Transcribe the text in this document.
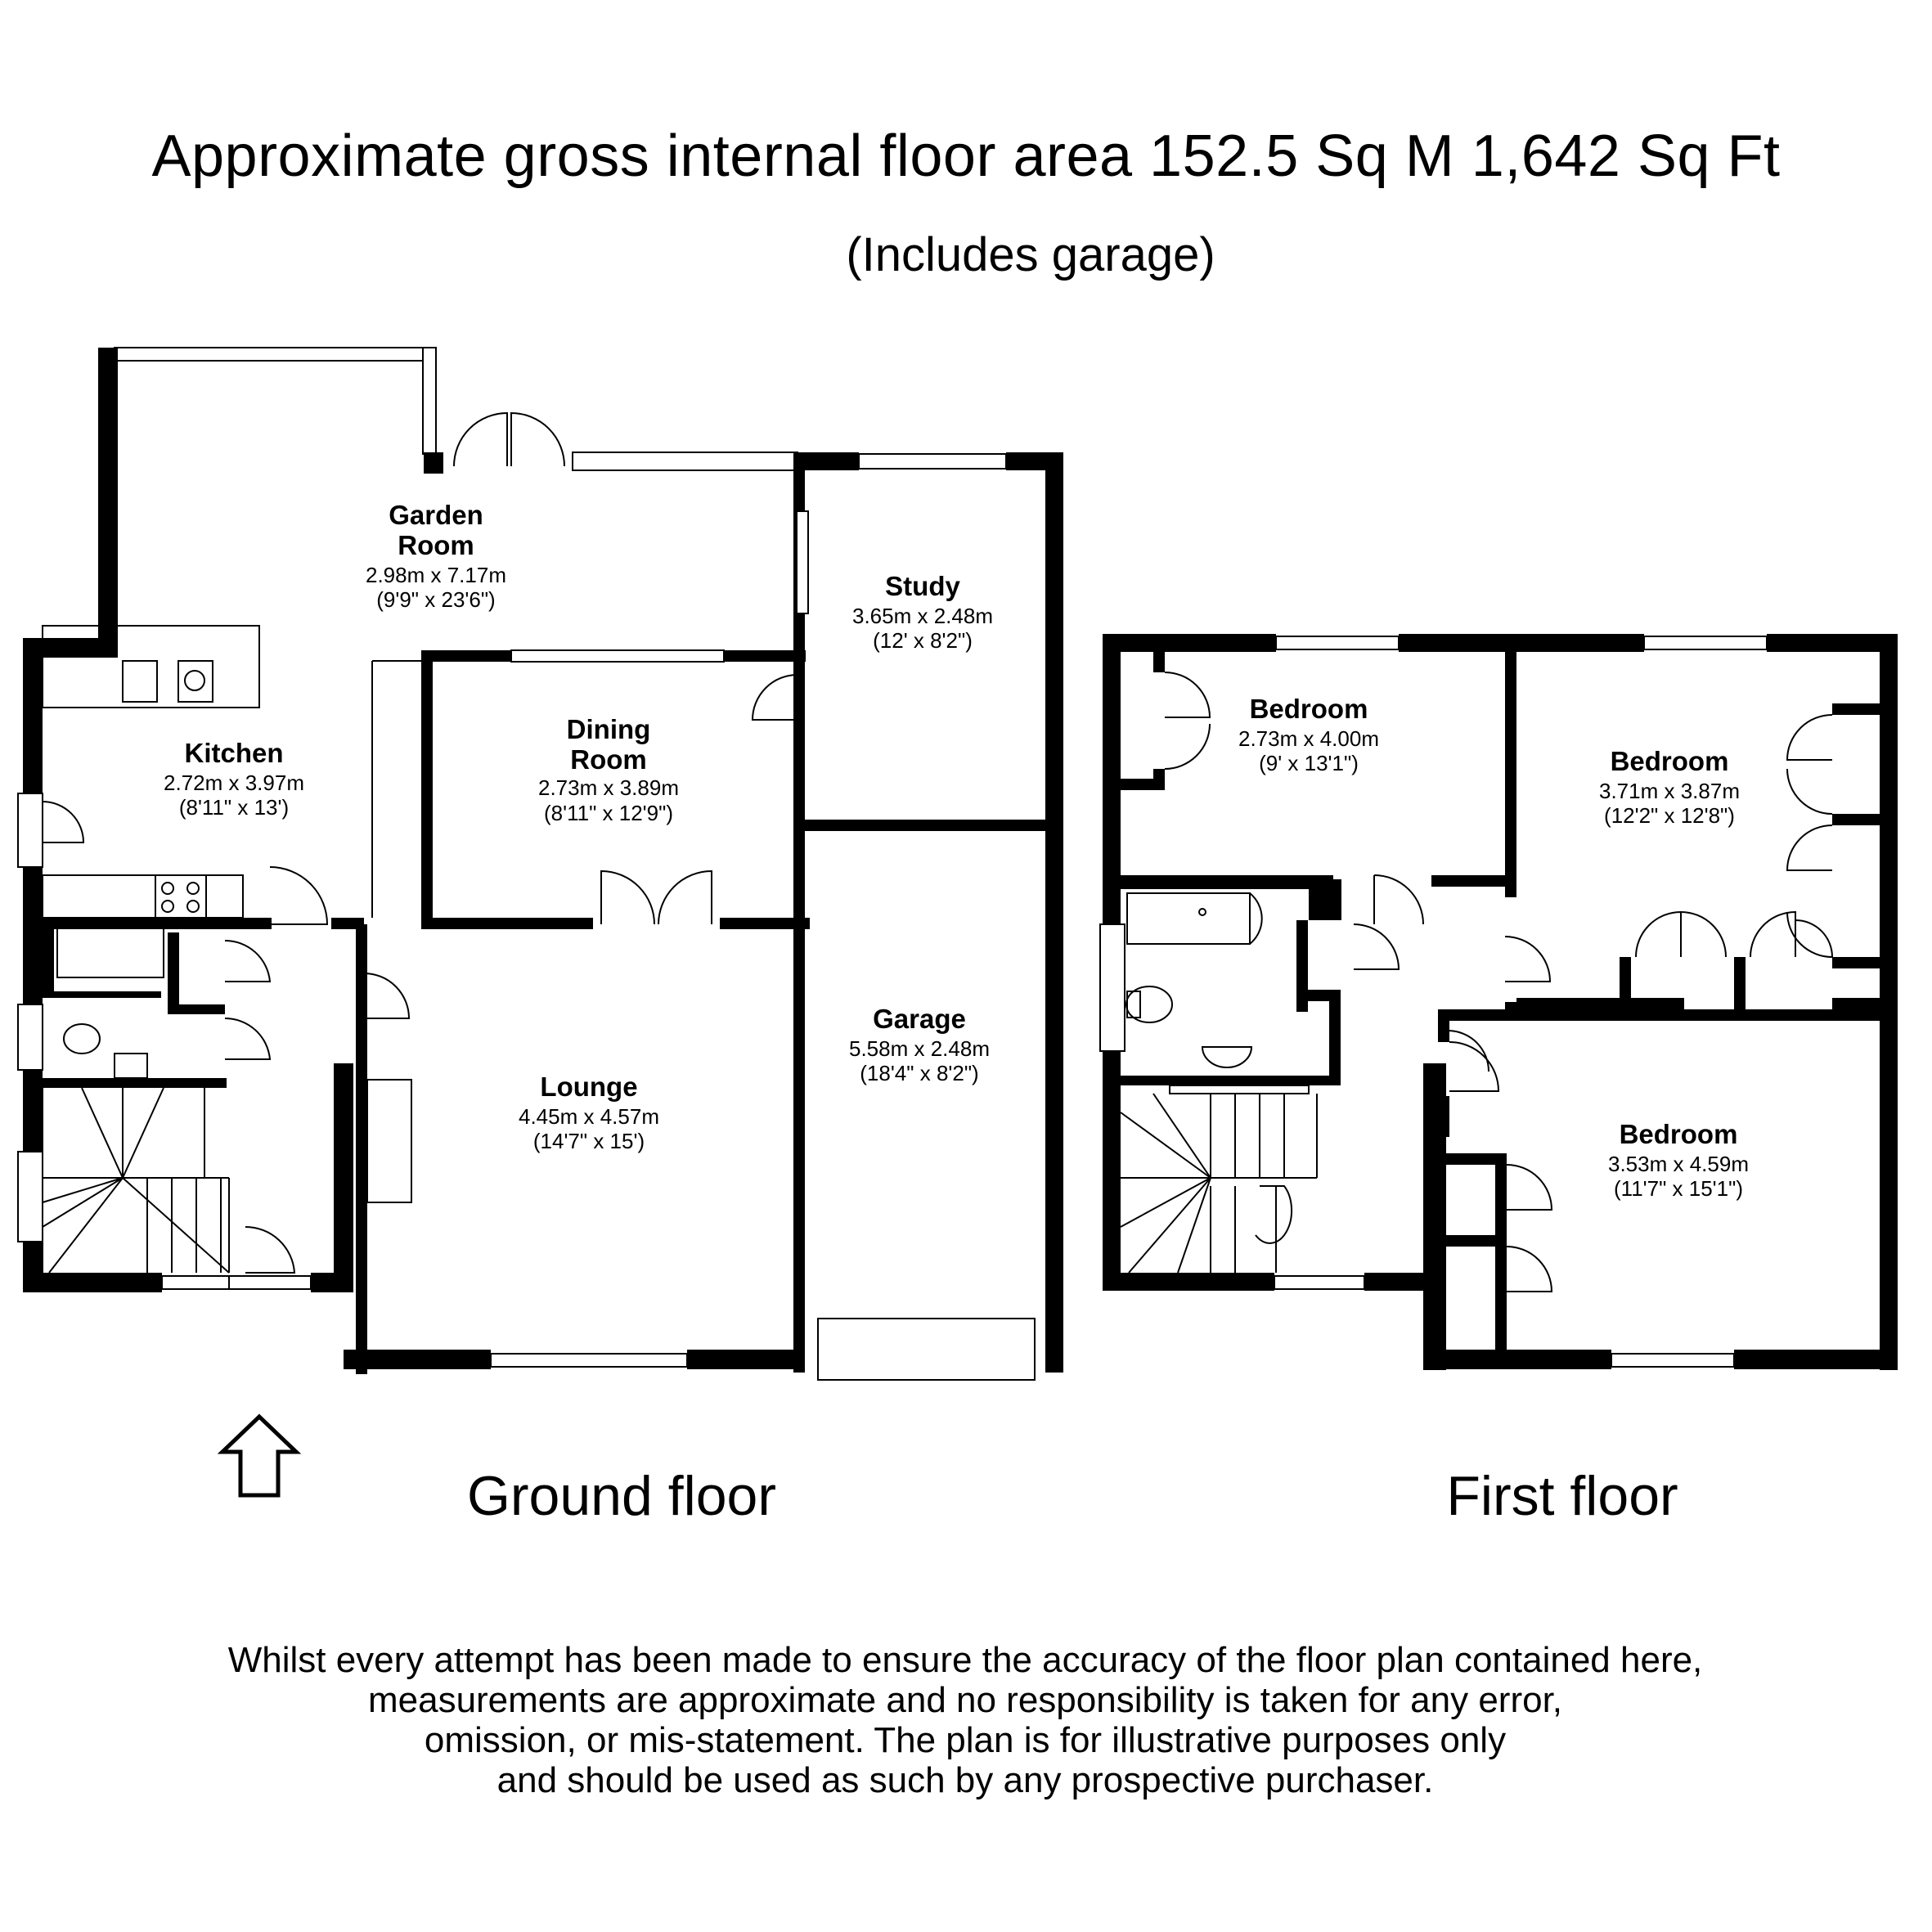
Approximate gross internal floor area 152.5 Sq M 1,642 Sq Ft
(Includes garage)
Garden
Room
2.98m x 7.17m
(9'9" x 23'6")
Kitchen
2.72m x 3.97m
(8'11" x 13')
Dining
Room
2.73m x 3.89m
(8'11" x 12'9")
Study
3.65m x 2.48m
(12' x 8'2")
Lounge
4.45m x 4.57m
(14'7" x 15')
Garage
5.58m x 2.48m
(18'4" x 8'2")
Bedroom
2.73m x 4.00m
(9' x 13'1")	Bedroom
3.71m x 3.87m
(12'2" x 12'8")
Bedroom
3.53m x 4.59m
(11'7" x 15'1")
Ground floor	First floor
Whilst every attempt has been made to ensure the accuracy of the floor plan contained here,
measurements are approximate and no responsibility is taken for any error,
omission, or mis-statement. The plan is for illustrative purposes only
and should be used as such by any prospective purchaser.
